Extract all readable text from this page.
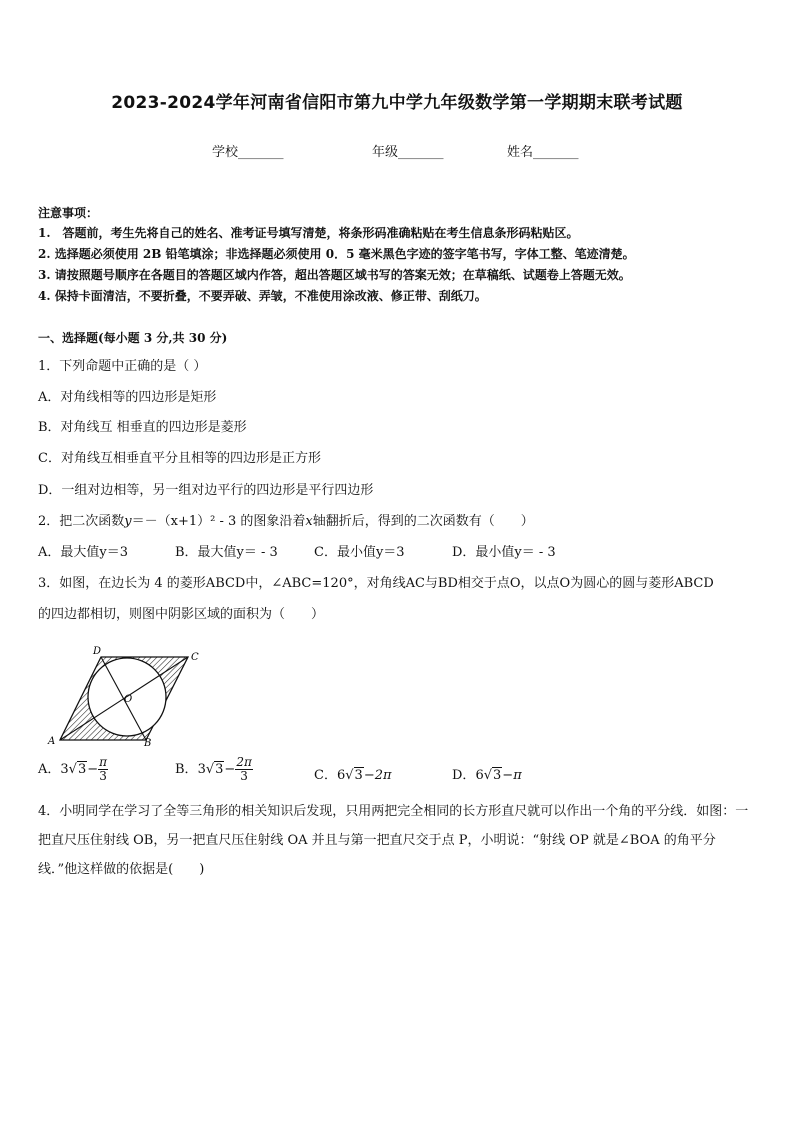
2023-2024学年河南省信阳市第九中学九年级数学第一学期期末联考试题
学校_______	年级_______	姓名_______
注意事项：
1.　答题前，考生先将自己的姓名、准考证号填写清楚，将条形码准确粘贴在考生信息条形码粘贴区。
2. 选择题必须使用 2B 铅笔填涂；非选择题必须使用 0．5 毫米黑色字迹的签字笔书写，字体工整、笔迹清楚。
3. 请按照题号顺序在各题目的答题区域内作答，超出答题区域书写的答案无效；在草稿纸、试题卷上答题无效。
4. 保持卡面清洁，不要折叠，不要弄破、弄皱，不准使用涂改液、修正带、刮纸刀。
一、选择题(每小题 3 分,共 30 分)
1．下列命题中正确的是（ ）
A．对角线相等的四边形是矩形
B．对角线互 相垂直的四边形是菱形
C．对角线互相垂直平分且相等的四边形是正方形
D．一组对边相等，另一组对边平行的四边形是平行四边形
2．把二次函数y＝－（x+1）² - 3 的图象沿着x轴翻折后，得到的二次函数有（　　）
A．最大值y＝3	B．最大值y＝ - 3	C．最小值y＝3	D．最小值y＝ - 3
3．如图，在边长为 4 的菱形ABCD中，∠ABC=120°，对角线AC与BD相交于点O，以点O为圆心的圆与菱形ABCD
的四边都相切，则图中阴影区域的面积为（　　）
A	B
C
D
O
A．$3√3- \frac{\pi}{3}$	B．$3√3- \frac{2\pi}{3}$	C．6√3−2π	D．6√3−π
4．小明同学在学习了全等三角形的相关知识后发现，只用两把完全相同的长方形直尺就可以作出一个角的平分线．如图：一把直尺压住射线 OB，另一把直尺压住射线 OA 并且与第一把直尺交于点 P，小明说：“射线 OP 就是∠BOA 的角平分线．”他这样做的依据是(　　)
